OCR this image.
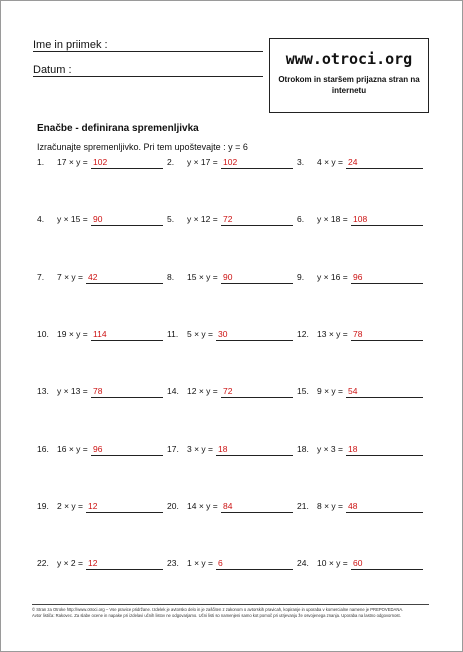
Ime in priimek :
Datum :
www.otroci.org
Otrokom in staršem prijazna stran na internetu
Enačbe - definirana spremenljivka
Izračunajte spremenljivko. Pri tem upoštevajte : y = 6
1. 17 × y = 102	2. y × 17 = 102	3. 4 × y = 24
4. y × 15 = 90	5. y × 12 = 72	6. y × 18 = 108
7. 7 × y = 42	8. 15 × y = 90	9. y × 16 = 96
10. 19 × y = 114	11. 5 × y = 30	12. 13 × y = 78
13. y × 13 = 78	14. 12 × y = 72	15. 9 × y = 54
16. 16 × y = 96	17. 3 × y = 18	18. y × 3 = 18
19. 2 × y = 12	20. 14 × y = 84	21. 8 × y = 48
22. y × 2 = 12	23. 1 × y = 6	24. 10 × y = 60
© Stran za Otroke http://www.otroci.org – Vse pravice pridržane. Izdelek je avtorsko delo in je zaščiten z zakonom o avtorskih pravicah, kopiranje in uporaba v komercialne namene je PREPOVEDANA.
Avtor lističa: Rakovec. Za slabe ocene in napake pri izdelavi učnih listov ne odgovarjamo. Učni listi so namenjeni samo kot pomoč pri utrjevanju že osvojenega znanja. Uporaba na lastno odgovornost.
